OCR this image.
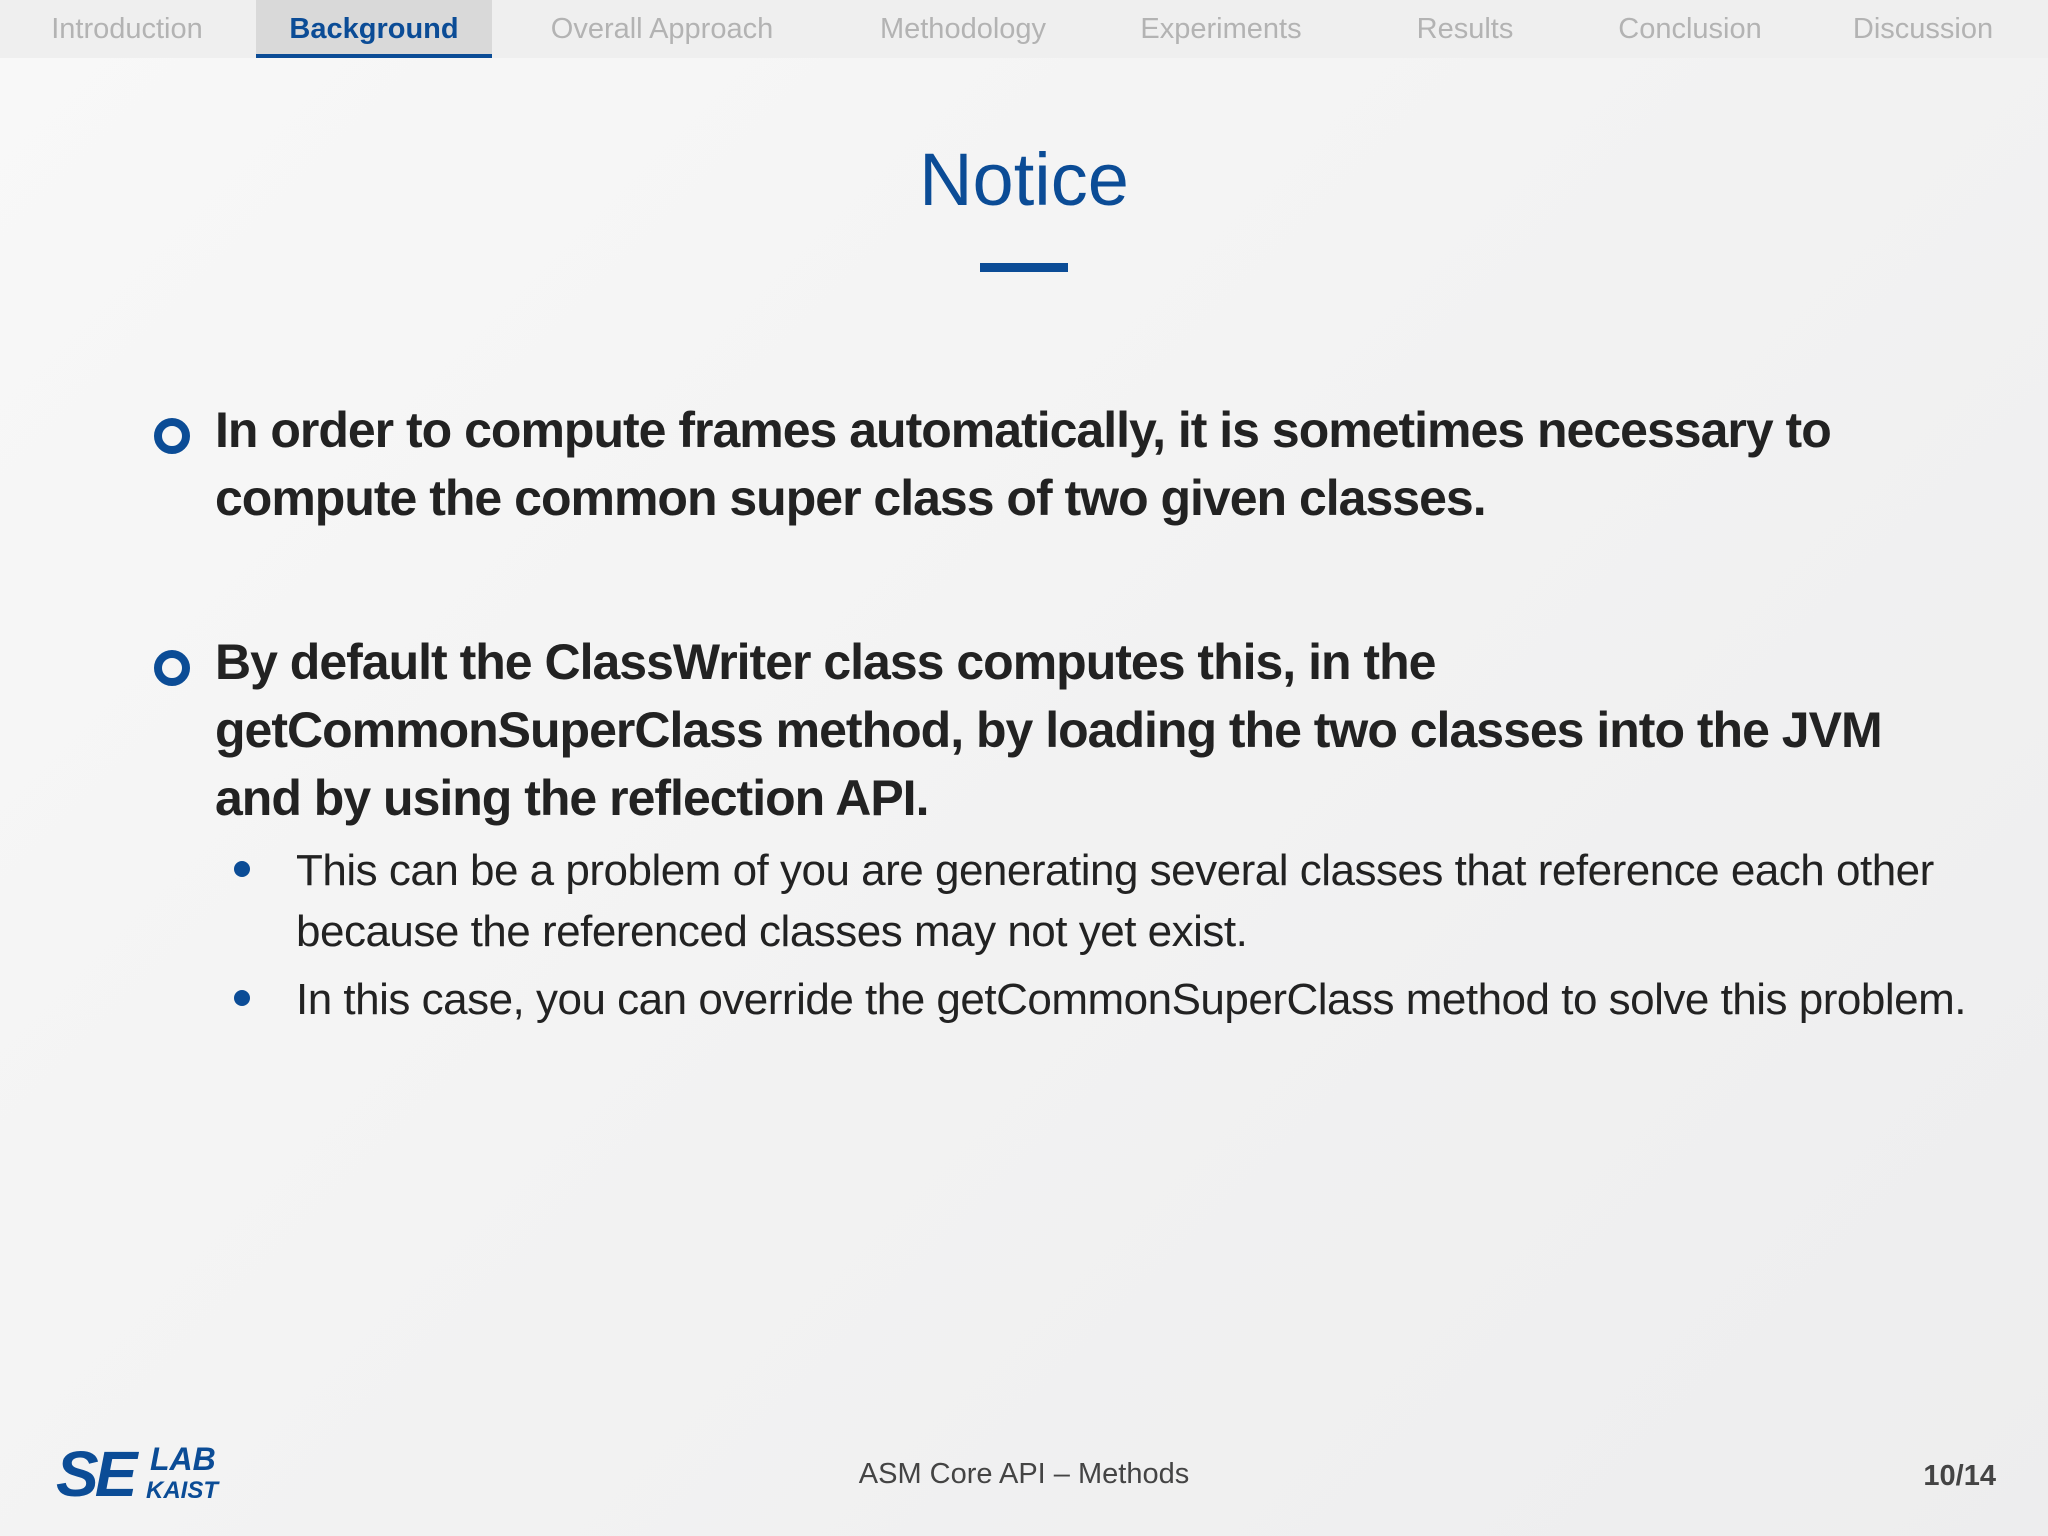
Introduction	Background	Overall Approach	Methodology	Experiments	Results	Conclusion	Discussion
Notice
In order to compute frames automatically, it is sometimes necessary to compute the common super class of two given classes.
By default the ClassWriter class computes this, in the getCommonSuperClass method, by loading the two classes into the JVM and by using the reflection API.
This can be a problem of you are generating several classes that reference each other because the referenced classes may not yet exist.
In this case, you can override the getCommonSuperClass method to solve this problem.
SE LAB
KAIST
ASM Core API – Methods	10/14
